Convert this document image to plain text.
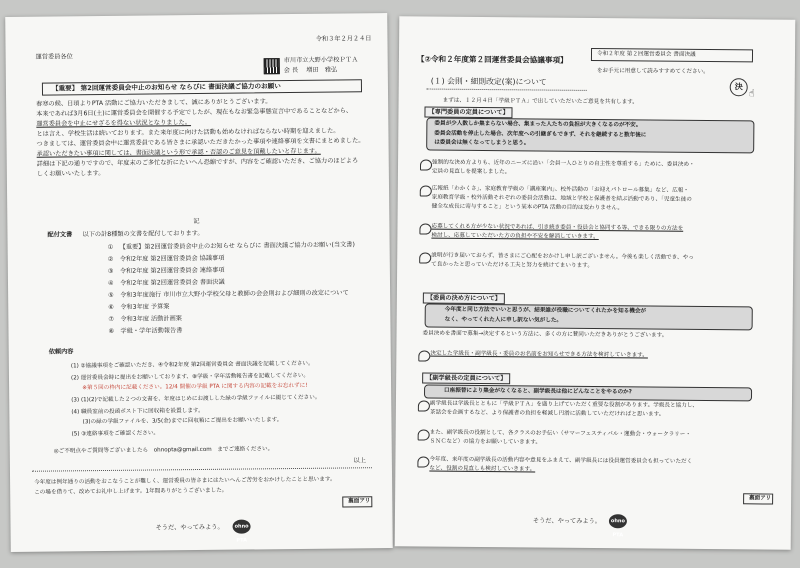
令和３年２月２４日
運営委員各位	市川市立大野小学校ＰＴＡ
会 長　 増田　雅弘
【重要】 第2回運営委員会中止のお知らせ ならびに 書面決議ご協力のお願い
春寒の候、日頃よりPTA 活動にご協力いただきまして、誠にありがとうございます。
本来であれば3月6日(土)に運営委員会を開催する予定でしたが、現在もなお緊急事態宣言中であることなどから、
運営委員会を中止にせざるを得ない状況となりました。
とは言え、学校生活は続いております。また来年度に向けた活動も始めなければならない時期を迎えました。
つきましては、運営委員会中に運営委員である皆さまに承認いただきたかった事項や連絡事項を文書にまとめました。
承認いただきたい事項に関しては、書面決議という形で承認・否認のご意見を頂戴したいと存じます。
詳細は下記の通りですので、年度末のご多忙な折にたいへん恐縮ですが、内容をご確認いただき、ご協力のほどよろ
しくお願いいたします。
記
配付文書 以下の計8種類の文書を配付しております。
① 【重要】第2回運営委員会中止のお知らせ ならびに 書面決議ご協力のお願い(当文書)
② 令和2年度 第2回運営委員会 協議事項
③ 令和2年度 第2回運営委員会 連絡事項
④ 令和2年度 第2回運営委員会 書面決議
⑤ 令和3年度施行 市川市立大野小学校父母と教師の会会則および細則の改定について
⑥ 令和3年度 予算案
⑦ 令和3年度 活動計画案
⑧ 学級・学年活動報告書
依頼内容
(1) ②協議事項をご確認いただき、④令和2年度 第2回運営委員会 書面決議を記載してください。
(2) 運営委員会時に提出をお願いしております、⑧学級・学年活動報告書を記載してください。
　　※第５回の枠内に記載ください。12/4 開催の学級 PTA に関する内容の記載をお忘れずに!
(3) (1)(2)で記載した２つの文書を、年度はじめにお渡しした緑の学級ファイルに綴じてください。
(4) 職員室前の投函ポスト下に回収箱を設置します。
　　(3)の緑の学級ファイルを、3/5(金)までに回収箱にご提出をお願いいたします。
(5) ③連絡事項をご確認ください。
◎ご不明点やご質問等ございましたら　ohnopta@gmail.com　までご連絡ください。
以上
今年度は例年通りの活動をおこなうことが難しく、運営委員の皆さまにはたいへんご苦労をおかけしたことと思います。
この場を借りて、改めてお礼申し上げます。1年間ありがとうございました。
裏面アリ
そうだ、やってみよう。	ohno PTA
【②令和２年度第２回運営委員会協議事項】	令和２年度 第２回運営委員会 書面決議
をお手元に用意して読みすすめてください。
決
☝
(１) 会則・細則改定(案)について
まずは、１２月４日「学級ＰＴＡ」で出していただいたご意見を共有します。
【専門委員の定員について】
委員が少人数しか集まらない場合、集まった人たちの負担が大きくなるのが不安。
委員会活動を停止した場合、次年度への引継ぎもできず、それを継続すると数年後に
は委員会は無くなってしまうと思う。
強制的な決め方よりも、近年のニーズに沿い「会員一人ひとりの自主性を尊重する」ために、委員決め・
定員の見直しを提案しました。
広報紙「わかくさ」、家庭教育学級の「講座案内」、校外活動の「お迎えパトロール募集」など、広報・
家庭教育学級・校外活動それぞれの委員会活動は、地域と学校と保護者を結ぶ活動であり、「児童生徒の
健全な成長に寄与すること」という某本のPTA 活動の目的は変わりません。
応募してくれる方が少ない状況であれば、引き続き委員・役員会と協同する等、できる限りの方法を
検討し、応募していただいた方の負担や不安を解消していきます。
説明が行き届いておらず、皆さまにご心配をおかけし申し訳ございません。今後も楽しく活動でき、やっ
て良かったと思っていただける工夫と努力を続けてまいります。
【委員の決め方について】
今年度と同じ方法でいいと思うが、結果誰が役職についてくれたかを知る機会が
なく、やってくれた人に申し訳ない気がした。
委員決めを書面で募集→決定するという方法に、多くの方に賛同いただきありがとうございます。
決定した学級長・副学級長・委員のお名前をお知らせできる方法を検討していきます。
【副学級長の定員について】
口座振替により集金がなくなると、副学級長は他にどんなことをやるのか?
副学級長は学級長とともに「学級ＰＴＡ」を盛り上げていただく重要な役割があります。学級長と協力し、
茶話会を企画するなど、より保護者の負担を軽減し円滑に活動していただければと思います。
また、副学級長の役割として、各クラスのお手伝い（サマーフェスティバル・運動会・ウォークラリー・
ＳＮＣなど）の協力をお願いしていきます。
今年度、来年度の副学級長の活動内容や意見をふまえて、副学級長には役員運営委員会も担っていただく
など、役割の見直しも検討していきます。
裏面アリ
そうだ、やってみよう。	ohno PTA
